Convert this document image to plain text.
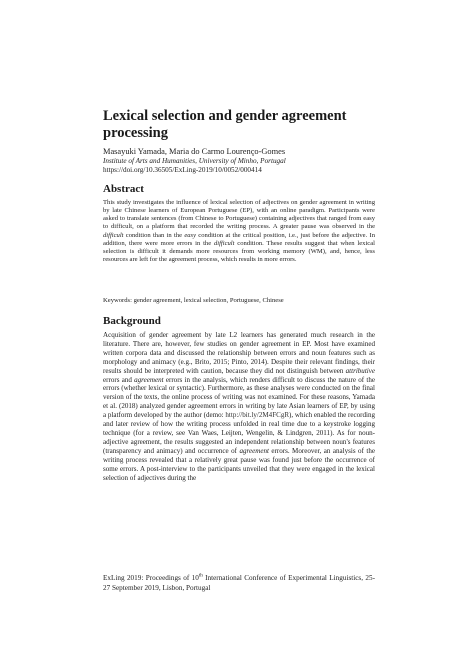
Lexical selection and gender agreement processing
Masayuki Yamada, Maria do Carmo Lourenço-Gomes
Institute of Arts and Humanities, University of Minho, Portugal
https://doi.org/10.36505/ExLing-2019/10/0052/000414
Abstract

This study investigates the influence of lexical selection of adjectives on gender agreement in writing by late Chinese learners of European Portuguese (EP), with an online paradigm. Participants were asked to translate sentences (from Chinese to Portuguese) containing adjectives that ranged from easy to difficult, on a platform that recorded the writing process. A greater pause was observed in the difficult condition than in the easy condition at the critical position, i.e., just before the adjective. In addition, there were more errors in the difficult condition. These results suggest that when lexical selection is difficult it demands more resources from working memory (WM), and, hence, less resources are left for the agreement process, which results in more errors.

Keywords: gender agreement, lexical selection, Portuguese, Chinese

Background

Acquisition of gender agreement by late L2 learners has generated much research in the literature. There are, however, few studies on gender agreement in EP. Most have examined written corpora data and discussed the relationship between errors and noun features such as morphology and animacy (e.g., Brito, 2015; Pinto, 2014). Despite their relevant findings, their results should be interpreted with caution, because they did not distinguish between attributive errors and agreement errors in the analysis, which renders difficult to discuss the nature of the errors (whether lexical or syntactic). Furthermore, as these analyses were conducted on the final version of the texts, the online process of writing was not examined. For these reasons, Yamada et al. (2018) analyzed gender agreement errors in writing by late Asian learners of EP, by using a platform developed by the author (demo: http://bit.ly/2M4FCgR), which enabled the recording and later review of how the writing process unfolded in real time due to a keystroke logging technique (for a review, see Van Waes, Leijten, Wengelin, & Lindgren, 2011). As for noun-adjective agreement, the results suggested an independent relationship between noun's features (transparency and animacy) and occurrence of agreement errors. Moreover, an analysis of the writing process revealed that a relatively great pause was found just before the occurrence of some errors. A post-interview to the participants unveiled that they were engaged in the lexical selection of adjectives during the

ExLing 2019: Proceedings of 10th International Conference of Experimental Linguistics, 25-27 September 2019, Lisbon, Portugal
